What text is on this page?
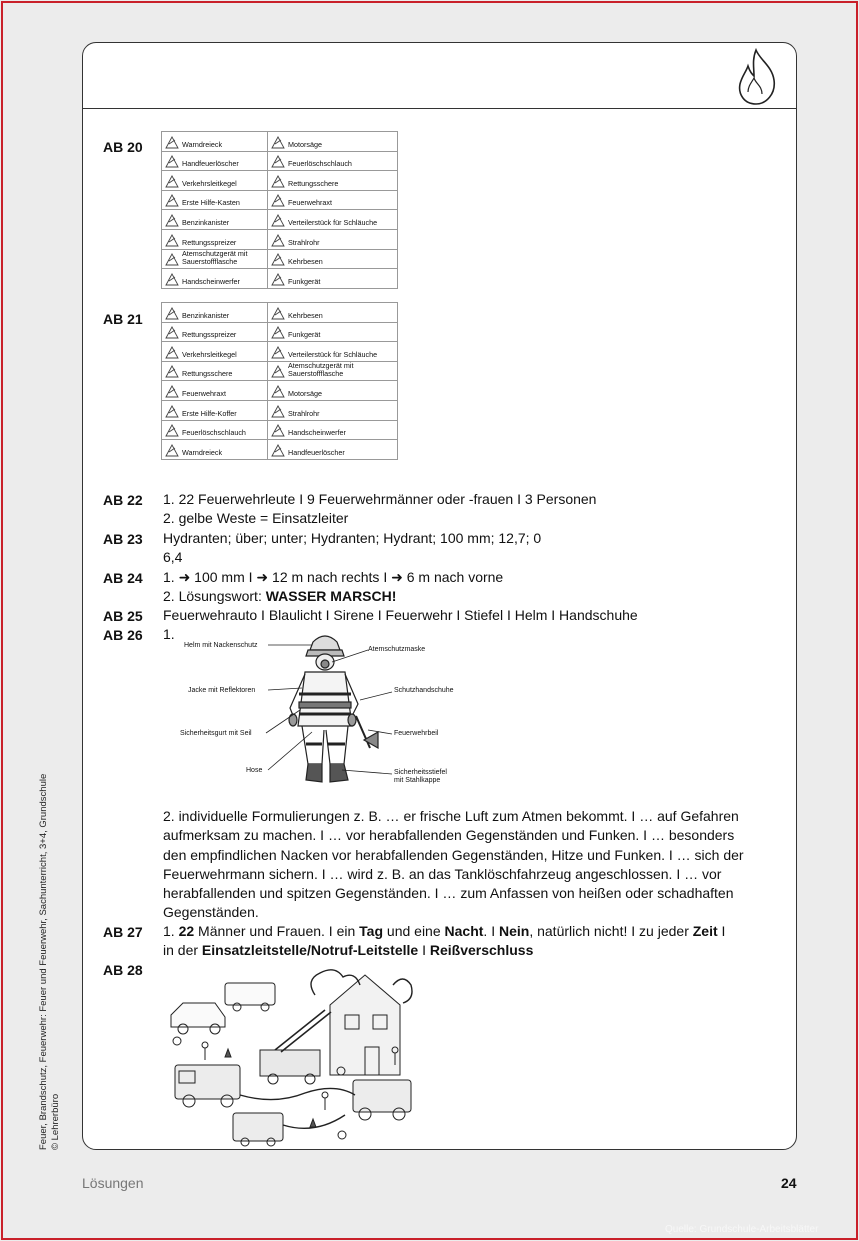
AB 20	Warndreieck	Motorsäge

Handfeuerlöscher	Feuerlöschschlauch

Verkehrsleitkegel	Rettungsschere

Erste Hilfe-Kasten	Feuerwehraxt

Benzinkanister	Verteilerstück für Schläuche

Rettungsspreizer	Strahlrohr

Atemschutzgerät mit Sauerstoffflasche	Kehrbesen

Handscheinwerfer	Funkgerät
AB 21	Benzinkanister	Kehrbesen

Rettungsspreizer	Funkgerät

Verkehrsleitkegel	Verteilerstück für Schläuche

Rettungsschere	Atemschutzgerät mit Sauerstoffflasche

Feuerwehraxt	Motorsäge

Erste Hilfe-Koffer	Strahlrohr

Feuerlöschschlauch	Handscheinwerfer

Warndreieck	Handfeuerlöscher
AB 22 1. 22 Feuerwehrleute I 9 Feuerwehrmänner oder -frauen I 3 Personen
2. gelbe Weste = Einsatzleiter
AB 23 Hydranten; über; unter; Hydranten; Hydrant; 100 mm; 12,7; 0
6,4
AB 24 1. ➜ 100 mm I ➜ 12 m nach rechts I ➜ 6 m nach vorne
2. Lösungswort: WASSER MARSCH!
AB 25 Feuerwehrauto I Blaulicht I Sirene I Feuerwehr I Stiefel I Helm I Handschuhe
AB 26 1.
Helm mit Nackenschutz
Atemschutzmaske
Jacke mit Reflektoren	Schutzhandschuhe
Sicherheitsgurt mit Seil	Feuerwehrbeil
Hose	Sicherheitsstiefel
mit Stahlkappe
2. individuelle Formulierungen z. B. … er frische Luft zum Atmen bekommt. I … auf Gefahren
aufmerksam zu machen. I … vor herabfallenden Gegenständen und Funken. I … besonders
den empfindlichen Nacken vor herabfallenden Gegenständen, Hitze und Funken. I … sich der
Feuerwehrmann sichern. I … wird z. B. an das Tanklöschfahrzeug angeschlossen. I … vor
herabfallenden und spitzen Gegenständen. I … zum Anfassen von heißen oder schadhaften
Gegenständen.
AB 27 1. 22 Männer und Frauen. I ein Tag und eine Nacht. I Nein, natürlich nicht! I zu jeder Zeit I
in der Einsatzleitstelle/Notruf-Leitstelle I Reißverschluss
AB 28
Feuer, Brandschutz, Feuerwehr: Feuer und Feuerwehr, Sachunterricht, 3+4, Grundschule © Lehrerbüro
Lösungen	24
Quelle: Grundschule-Arbeitsblätter
